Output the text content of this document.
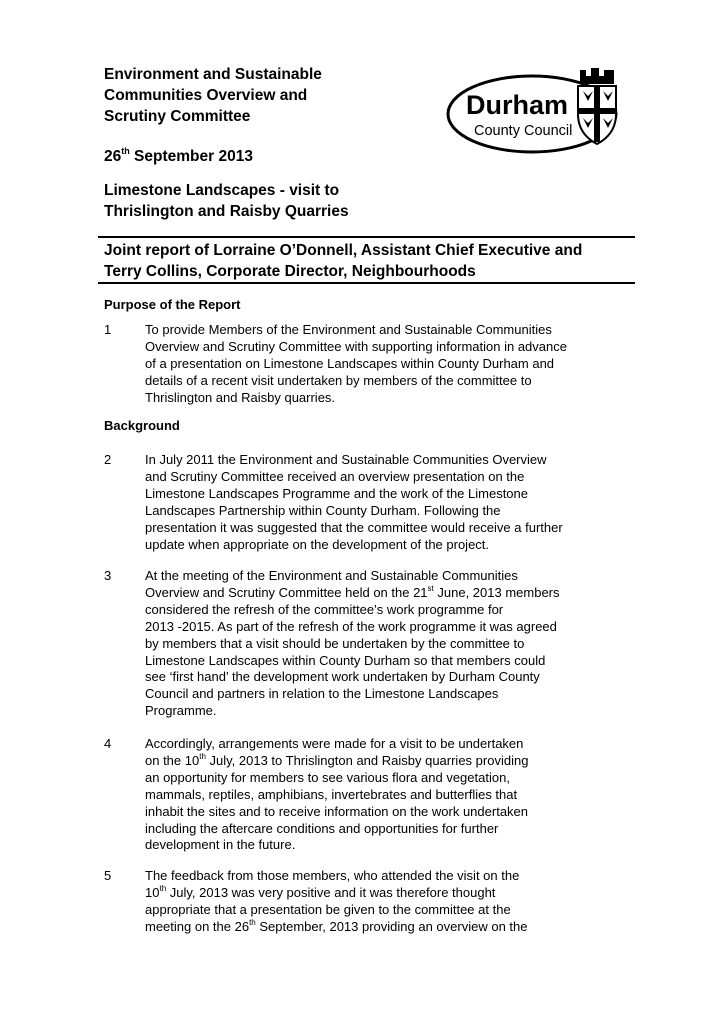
Environment and Sustainable

Communities Overview and

Scrutiny Committee

26th September 2013
Limestone Landscapes - visit to
Thrislington and Raisby Quarries
Durham
County Council
Joint report of Lorraine O’Donnell, Assistant Chief Executive and
Terry Collins, Corporate Director, Neighbourhoods
Purpose of the Report
1	To provide Members of the Environment and Sustainable Communities
Overview and Scrutiny Committee with supporting information in advance
of a presentation on Limestone Landscapes within County Durham and
details of a recent visit undertaken by members of the committee to
Thrislington and Raisby quarries.
Background
2	In July 2011 the Environment and Sustainable Communities Overview
and Scrutiny Committee received an overview presentation on the
Limestone Landscapes Programme and the work of the Limestone
Landscapes Partnership within County Durham. Following the
presentation it was suggested that the committee would receive a further
update when appropriate on the development of the project.
3	At the meeting of the Environment and Sustainable Communities
Overview and Scrutiny Committee held on the 21st June, 2013 members
considered the refresh of the committee’s work programme for
2013 -2015. As part of the refresh of the work programme it was agreed
by members that a visit should be undertaken by the committee to
Limestone Landscapes within County Durham so that members could
see ‘first hand’ the development work undertaken by Durham County
Council and partners in relation to the Limestone Landscapes
Programme.
4	Accordingly, arrangements were made for a visit to be undertaken
on the 10th July, 2013 to Thrislington and Raisby quarries providing
an opportunity for members to see various flora and vegetation,
mammals, reptiles, amphibians, invertebrates and butterflies that
inhabit the sites and to receive information on the work undertaken
including the aftercare conditions and opportunities for further
development in the future.
5	The feedback from those members, who attended the visit on the
10th July, 2013 was very positive and it was therefore thought
appropriate that a presentation be given to the committee at the
meeting on the 26th September, 2013 providing an overview on the
